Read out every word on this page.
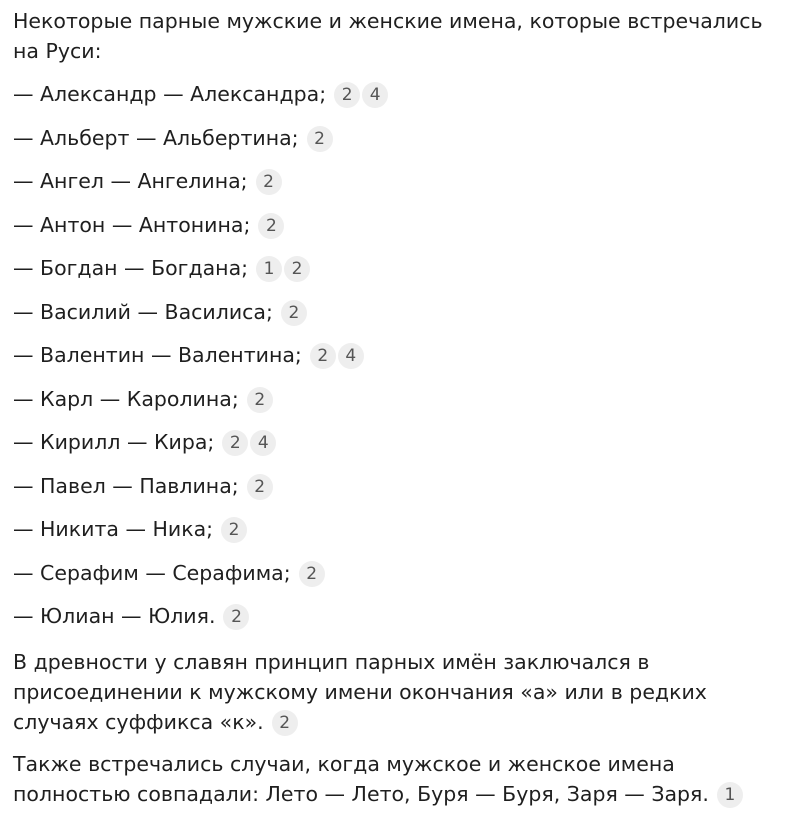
Некоторые парные мужские и женские имена, которые встречались на Руси:

— Александр — Александра; 2 4
— Альберт — Альбертина; 2
— Ангел — Ангелина; 2
— Антон — Антонина; 2
— Богдан — Богдана; 1 2
— Василий — Василиса; 2
— Валентин — Валентина; 2 4
— Карл — Каролина; 2
— Кирилл — Кира; 2 4
— Павел — Павлина; 2
— Никита — Ника; 2
— Серафим — Серафима; 2
— Юлиан — Юлия. 2

В древности у славян принцип парных имён заключался в присоединении к мужскому имени окончания «а» или в редких случаях суффикса «к». 2

Также встречались случаи, когда мужское и женское имена полностью совпадали: Лето — Лето, Буря — Буря, Заря — Заря. 1
